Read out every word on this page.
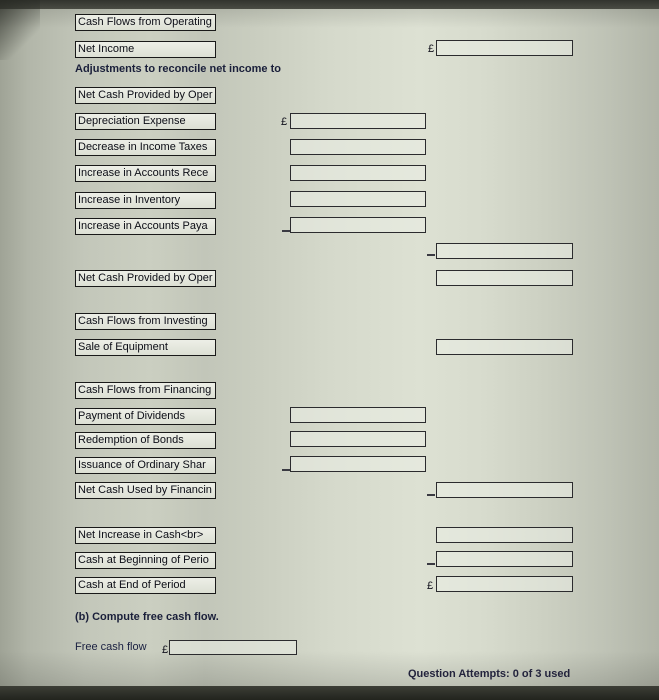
Cash Flows from Operating
Net Income	£
Adjustments to reconcile net income to
Net Cash Provided by Oper
Depreciation Expense	£
Decrease in Income Taxes
Increase in Accounts Rece
Increase in Inventory
Increase in Accounts Paya
Net Cash Provided by Oper
Cash Flows from Investing
Sale of Equipment
Cash Flows from Financing
Payment of Dividends
Redemption of Bonds
Issuance of Ordinary Shar
Net Cash Used by Financin
Net Increase in Cash<br>
Cash at Beginning of Perio
Cash at End of Period	£
(b) Compute free cash flow.
Free cash flow £
Question Attempts: 0 of 3 used
